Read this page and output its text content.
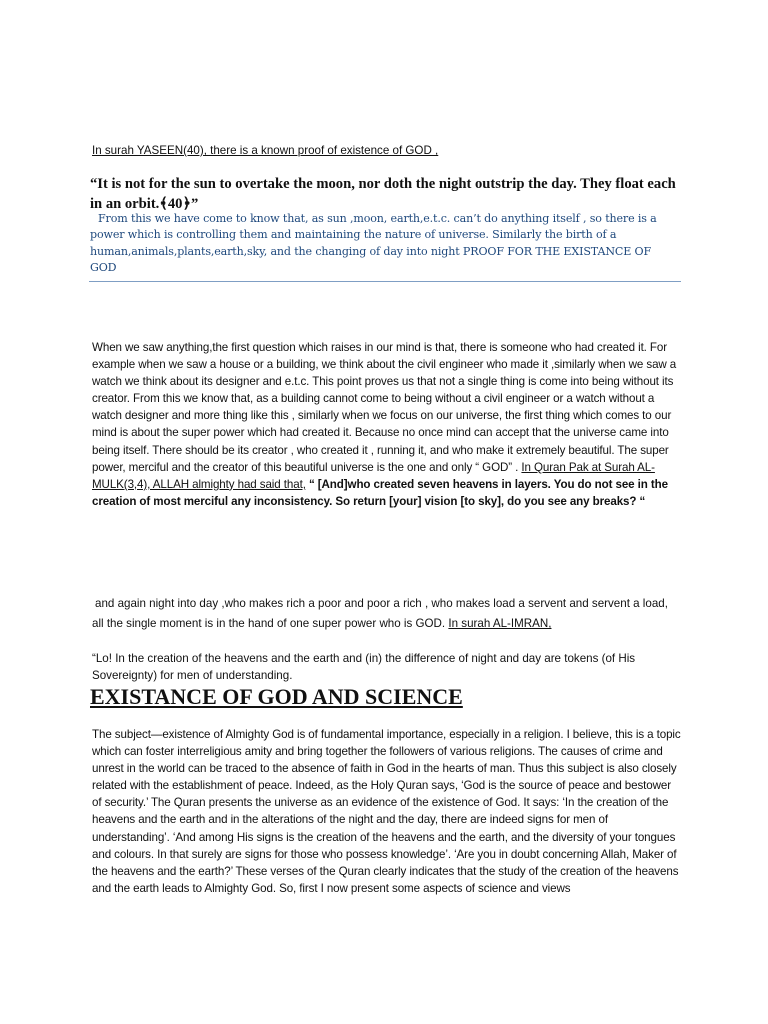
In surah YASEEN(40), there is a known proof of existence of GOD ,

“It is not for the sun to overtake the moon, nor doth the night outstrip the day. They float each in an orbit.﴾40﴿”

From this we have come to know that, as sun ,moon, earth,e.t.c. can’t do anything itself , so there is a power which is controlling them and maintaining the nature of universe. Similarly the birth of a human,animals,plants,earth,sky, and the changing of day into night PROOF FOR THE EXISTANCE OF GOD

When we saw anything,the first question which raises in our mind is that, there is someone who had created it. For example when we saw a house or a building, we think about the civil engineer who made it ,similarly when we saw a watch we think about its designer and e.t.c. This point proves us that not a single thing is come into being without its creator. From this we know that, as a building cannot come to being without a civil engineer or a watch without a watch designer and more thing like this , similarly when we focus on our universe, the first thing which comes to our mind is about the super power which had created it. Because no once mind can accept that the universe came into being itself. There should be its creator , who created it , running it, and who make it extremely beautiful. The super power, merciful and the creator of this beautiful universe is the one and only “ GOD” . In Quran Pak at Surah AL-MULK(3,4), ALLAH almighty had said that, “ [And]who created seven heavens in layers. You do not see in the creation of most merciful any inconsistency. So return [your] vision [to sky], do you see any breaks? “

and again night into day ,who makes rich a poor and poor a rich , who makes load a servent and servent a load, all the single moment is in the hand of one super power who is GOD. In surah AL-IMRAN,

“Lo! In the creation of the heavens and the earth and (in) the difference of night and day are tokens (of His Sovereignty) for men of understanding.

EXISTANCE OF GOD AND SCIENCE

The subject—existence of Almighty God is of fundamental importance, especially in a religion. I believe, this is a topic which can foster interreligious amity and bring together the followers of various religions. The causes of crime and unrest in the world can be traced to the absence of faith in God in the hearts of man. Thus this subject is also closely related with the establishment of peace. Indeed, as the Holy Quran says, ‘God is the source of peace and bestower of security.’ The Quran presents the universe as an evidence of the existence of God. It says: ‘In the creation of the heavens and the earth and in the alterations of the night and the day, there are indeed signs for men of understanding’. ‘And among His signs is the creation of the heavens and the earth, and the diversity of your tongues and colours. In that surely are signs for those who possess knowledge’. ‘Are you in doubt concerning Allah, Maker of the heavens and the earth?’ These verses of the Quran clearly indicates that the study of the creation of the heavens and the earth leads to Almighty God. So, first I now present some aspects of science and views
